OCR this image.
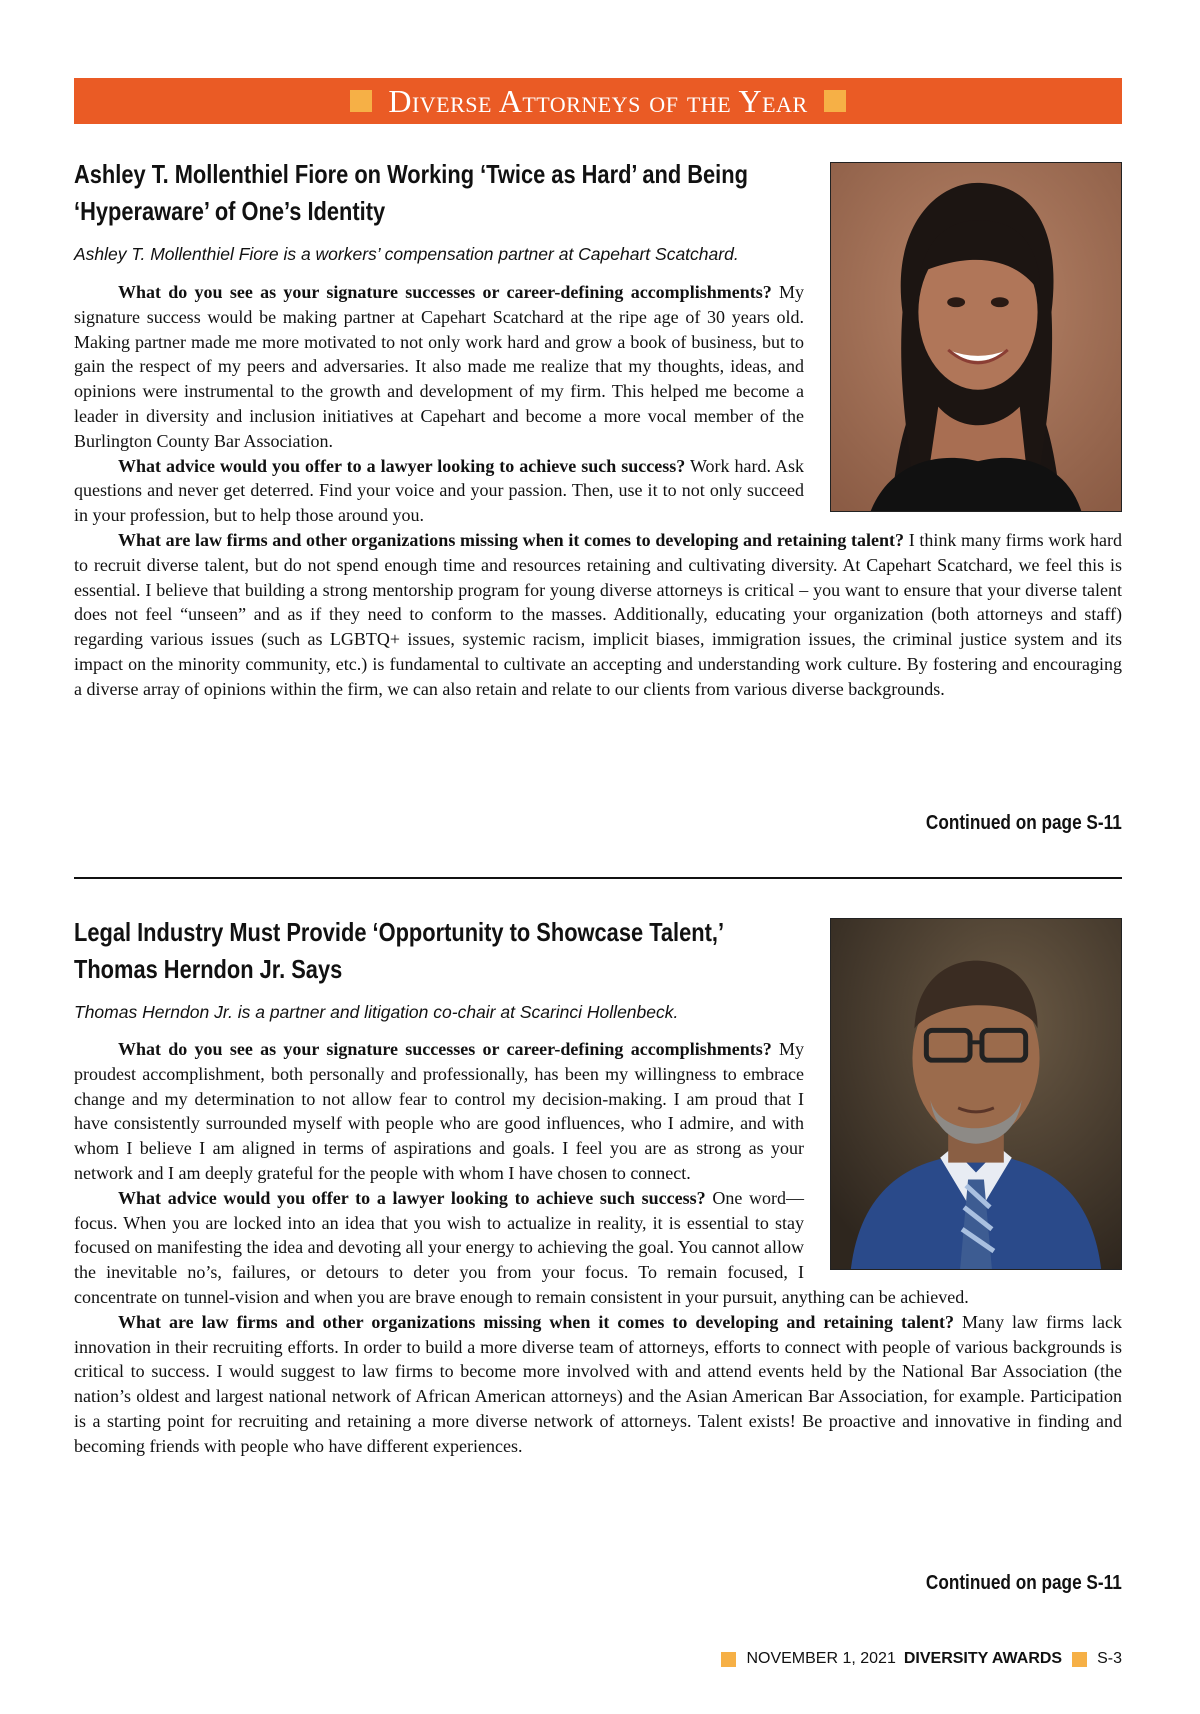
Diverse Attorneys of the Year
Ashley T. Mollenthiel Fiore on Working ‘Twice as Hard’ and Being ‘Hyperaware’ of One’s Identity

Ashley T. Mollenthiel Fiore is a workers’ compensation partner at Capehart Scatchard.

What do you see as your signature successes or career-defining accomplishments? My signature success would be making partner at Capehart Scatchard at the ripe age of 30 years old. Making partner made me more motivated to not only work hard and grow a book of business, but to gain the respect of my peers and adversaries. It also made me realize that my thoughts, ideas, and opinions were instrumental to the growth and development of my firm. This helped me become a leader in diversity and inclusion initiatives at Capehart and become a more vocal member of the Burlington County Bar Association.

What advice would you offer to a lawyer looking to achieve such success? Work hard. Ask questions and never get deterred. Find your voice and your passion. Then, use it to not only succeed in your profession, but to help those around you.

What are law firms and other organizations missing when it comes to developing and retaining talent? I think many firms work hard to recruit diverse talent, but do not spend enough time and resources retaining and cultivating diversity. At Capehart Scatchard, we feel this is essential. I believe that building a strong mentorship program for young diverse attorneys is critical – you want to ensure that your diverse talent does not feel “unseen” and as if they need to conform to the masses. Additionally, educating your organization (both attorneys and staff) regarding various issues (such as LGBTQ+ issues, systemic racism, implicit biases, immigration issues, the criminal justice system and its impact on the minority community, etc.) is fundamental to cultivate an accepting and understanding work culture. By fostering and encouraging a diverse array of opinions within the firm, we can also retain and relate to our clients from various diverse backgrounds.

Continued on page S-11
Legal Industry Must Provide ‘Opportunity to Showcase Talent,’ Thomas Herndon Jr. Says

Thomas Herndon Jr. is a partner and litigation co-chair at Scarinci Hollenbeck.

What do you see as your signature successes or career-defining accomplishments? My proudest accomplishment, both personally and professionally, has been my willingness to embrace change and my determination to not allow fear to control my decision-making. I am proud that I have consistently surrounded myself with people who are good influences, who I admire, and with whom I believe I am aligned in terms of aspirations and goals. I feel you are as strong as your network and I am deeply grateful for the people with whom I have chosen to connect.

What advice would you offer to a lawyer looking to achieve such success? One word—focus. When you are locked into an idea that you wish to actualize in reality, it is essential to stay focused on manifesting the idea and devoting all your energy to achieving the goal. You cannot allow the inevitable no’s, failures, or detours to deter you from your focus. To remain focused, I concentrate on tunnel-vision and when you are brave enough to remain consistent in your pursuit, anything can be achieved.

What are law firms and other organizations missing when it comes to developing and retaining talent? Many law firms lack innovation in their recruiting efforts. In order to build a more diverse team of attorneys, efforts to connect with people of various backgrounds is critical to success. I would suggest to law firms to become more involved with and attend events held by the National Bar Association (the nation’s oldest and largest national network of African American attorneys) and the Asian American Bar Association, for example. Participation is a starting point for recruiting and retaining a more diverse network of attorneys. Talent exists! Be proactive and innovative in finding and becoming friends with people who have different experiences.

Continued on page S-11
NOVEMBER 1, 2021 DIVERSITY AWARDS S-3
